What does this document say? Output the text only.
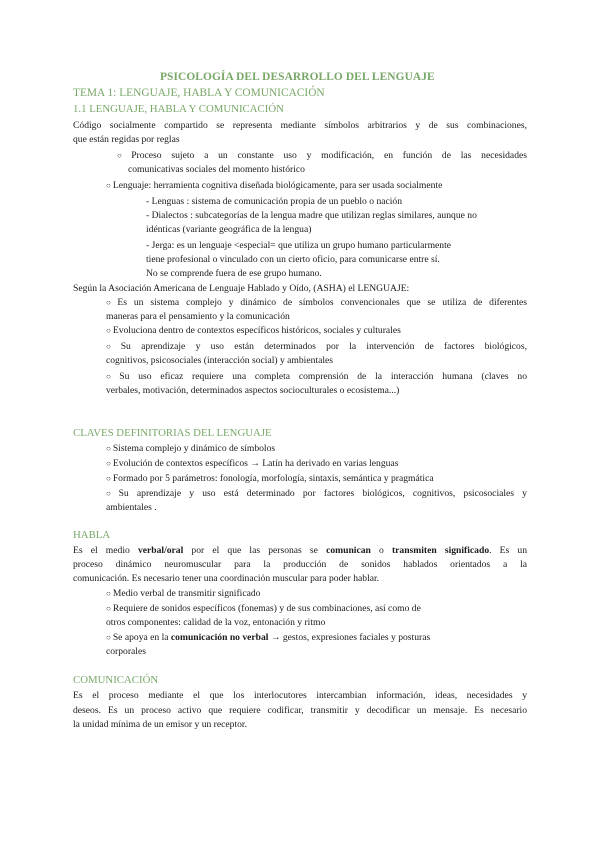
PSICOLOGÍA DEL DESARROLLO DEL LENGUAJE
TEMA 1: LENGUAJE, HABLA Y COMUNICACIÓN
1.1 LENGUAJE, HABLA Y COMUNICACIÓN
Código socialmente compartido se representa mediante símbolos arbitrarios y de sus combinaciones,
que están regidas por reglas
○ Proceso sujeto a un constante uso y modificación, en función de las necesidades
comunicativas sociales del momento histórico
○ Lenguaje: herramienta cognitiva diseñada biológicamente, para ser usada socialmente
- Lenguas : sistema de comunicación propia de un pueblo o nación
- Dialectos : subcategorías de la lengua madre que utilizan reglas similares, aunque no
idénticas (variante geográfica de la lengua)
- Jerga: es un lenguaje <especial= que utiliza un grupo humano particularmente
tiene profesional o vinculado con un cierto oficio, para comunicarse entre sí.
No se comprende fuera de ese grupo humano.
Según la Asociación Americana de Lenguaje Hablado y Oído, (ASHA) el LENGUAJE:
○ Es un sistema complejo y dinámico de símbolos convencionales que se utiliza de diferentes
maneras para el pensamiento y la comunicación
○ Evoluciona dentro de contextos específicos históricos, sociales y culturales
○ Su aprendizaje y uso están determinados por la intervención de factores biológicos,
cognitivos, psicosociales (interacción social) y ambientales
○ Su uso eficaz requiere una completa comprensión de la interacción humana (claves no
verbales, motivación, determinados aspectos socioculturales o ecosistema...)
CLAVES DEFINITORIAS DEL LENGUAJE
○ Sistema complejo y dinámico de símbolos
○ Evolución de contextos específicos → Latín ha derivado en varias lenguas
○ Formado por 5 parámetros: fonología, morfología, sintaxis, semántica y pragmática
○ Su aprendizaje y uso está determinado por factores biológicos, cognitivos, psicosociales y
ambientales .
HABLA
Es el medio verbal/oral por el que las personas se comunican o transmiten significado. Es un
proceso dinámico neuromuscular para la producción de sonidos hablados orientados a la
comunicación. Es necesario tener una coordinación muscular para poder hablar.
○ Medio verbal de transmitir significado
○ Requiere de sonidos específicos (fonemas) y de sus combinaciones, así como de
otros componentes: calidad de la voz, entonación y ritmo
○ Se apoya en la comunicación no verbal → gestos, expresiones faciales y posturas
corporales
COMUNICACIÓN
Es el proceso mediante el que los interlocutores intercambian información, ideas, necesidades y
deseos. Es un proceso activo que requiere codificar, transmitir y decodificar un mensaje. Es necesario
la unidad mínima de un emisor y un receptor.
